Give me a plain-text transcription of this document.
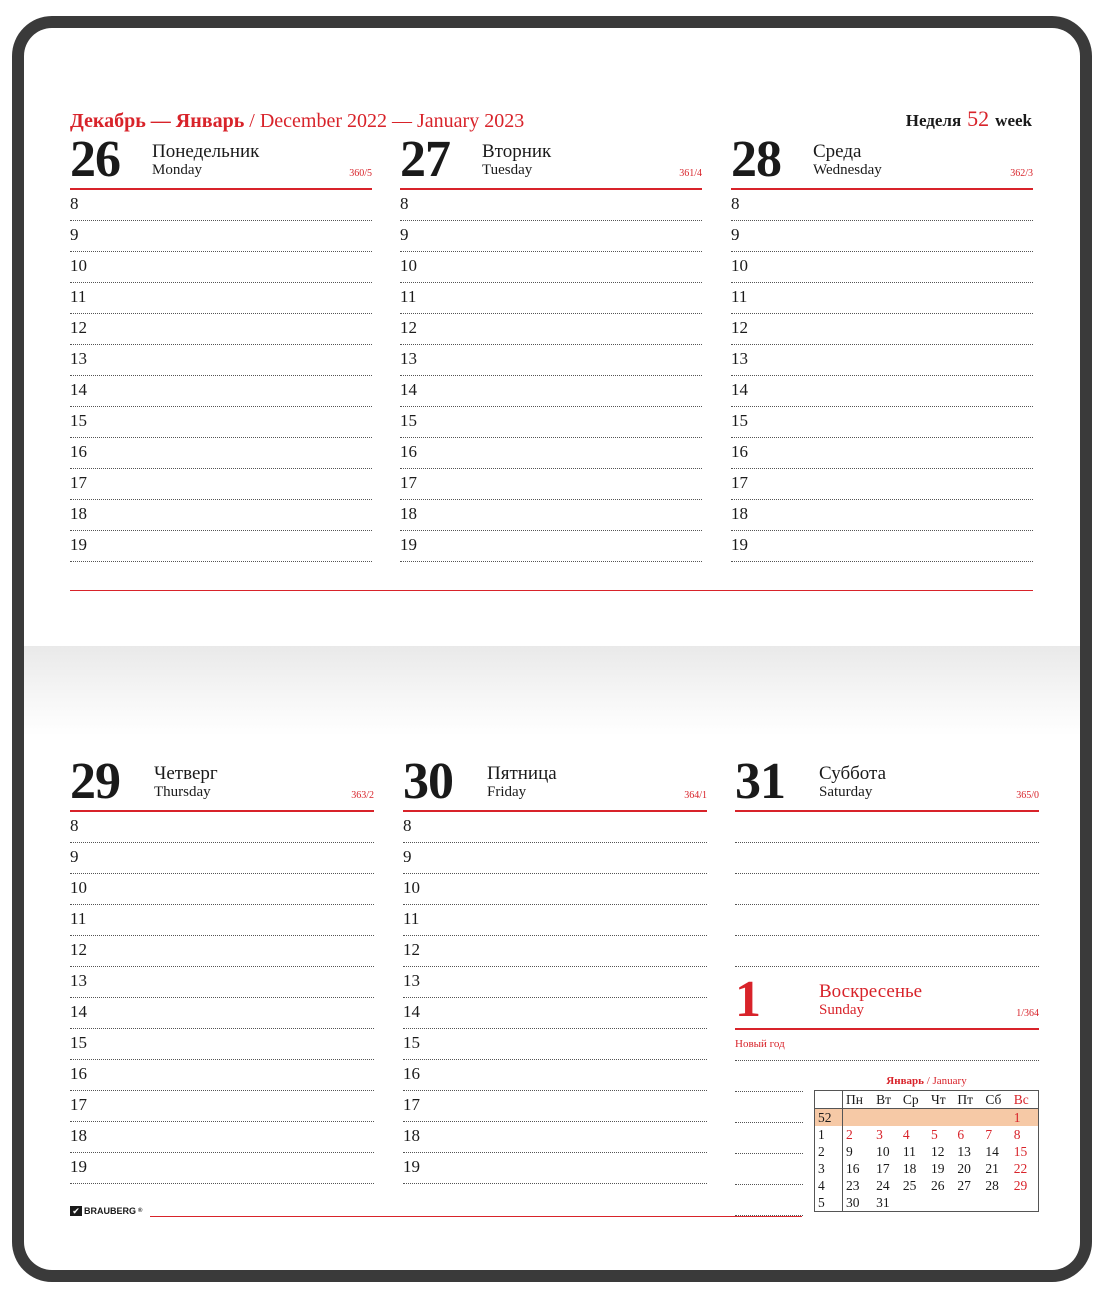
Декабрь — Январь / December 2022 — January 2023	Неделя 52 week
26 Понедельник
Monday	360/5
8
9
10
11
12
13
14
15
16
17
18
19
27 Вторник
Tuesday	361/4
8
9
10
11
12
13
14
15
16
17
18
19
28 Среда
Wednesday	362/3
8
9
10
11
12
13
14
15
16
17
18
19
29 Четверг
Thursday	363/2
8
9
10
11
12
13
14
15
16
17
18
19
30 Пятница
Friday	364/1
8
9
10
11
12
13
14
15
16
17
18
19
31 Суббота
Saturday	365/0
1	Воскресенье
Sunday	1/364
Новый год
Январь / January
	Пн	Вт	Ср	Чт	Пт	Сб	Вс
52							1
1	2	3	4	5	6	7	8
2	9	10	11	12	13	14	15
3	16	17	18	19	20	21	22
4	23	24	25	26	27	28	29
5	30	31					
✔ BRAUBERG ®
